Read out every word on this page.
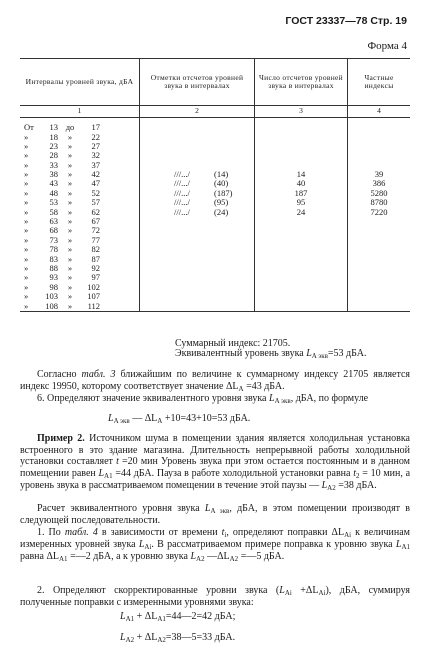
ГОСТ 23337—78 Стр. 19
Форма 4
Интервалы уровней звука, дБА	Отметки отсчетов уровней звука в интервалах	Число отсчетов уровней звука в интервалах	Частные индексы
1	2	3	4

От 13 до 17			

» 18 » 22			

» 23 » 27			

» 28 » 32			

» 33 » 37			

» 38 » 42	///.../ (14)	14	39

» 43 » 47	///.../ (40)	40	386

» 48 » 52	///.../ (187)	187	5280

» 53 » 57	///.../ (95)	95	8780

» 58 » 62	///.../ (24)	24	7220

» 63 » 67			

» 68 » 72			

» 73 » 77			

» 78 » 82			

» 83 » 87			

» 88 » 92			

» 93 » 97			

» 98 » 102			

» 103 » 107			

» 108 » 112			

Суммарный индекс: 21705.
Эквивалентный уровень звука $L_{A экв}=53$ дБА.
Согласно табл. 3 ближайшим по величине к суммарному индексу 21705 является индекс 19950, которому соответствует значение $\Delta L_A =43$ дБА.
6. Определяют значение эквивалентного уровня звука $L_{A экв}$, дБА, по формуле
$L_{A экв}$ — $\Delta L_A +10=43+10=53$ дБА.
Пример 2. Источником шума в помещении здания является холодильная установка встроенного в это здание магазина. Длительность непрерывной работы холодильной установки составляет t =20 мин Уровень звука при этом остается постоянным и в данном помещении равен $L_{A1} =44$ дБА. Пауза в работе холодильной установки равна $t_2 = 10$ мин, а уровень звука в рассматриваемом помещении в течение этой паузы — $L_{A2} =38$ дБА.
Расчет эквивалентного уровня звука $L_{A экв}$, дБА, в этом помещении производят в следующей последовательности.
1. По табл. 4 в зависимости от времени $t_i$, определяют поправки $\Delta L_{Ai}$ к величинам измеренных уровней звука $L_{Ai}$. В рассматриваемом примере поправка к уровню звука $L_{A1}$ равна $\Delta L_{A1}$ =—2 дБА, а к уровню звука $L_{A2}$ $—\Delta L_{A2}$ =—5 дБА.
2. Определяют скорректированные уровни звука $(L_{Ai} +\Delta L_{Ai})$, дБА, суммируя полученные поправки с измеренными уровнями звука:
$L_{A1}$ + $\Delta L_{A1}=44—2=42$ дБА;
$L_{A2}$ + $\Delta L_{A2}=38—5=33$ дБА.
